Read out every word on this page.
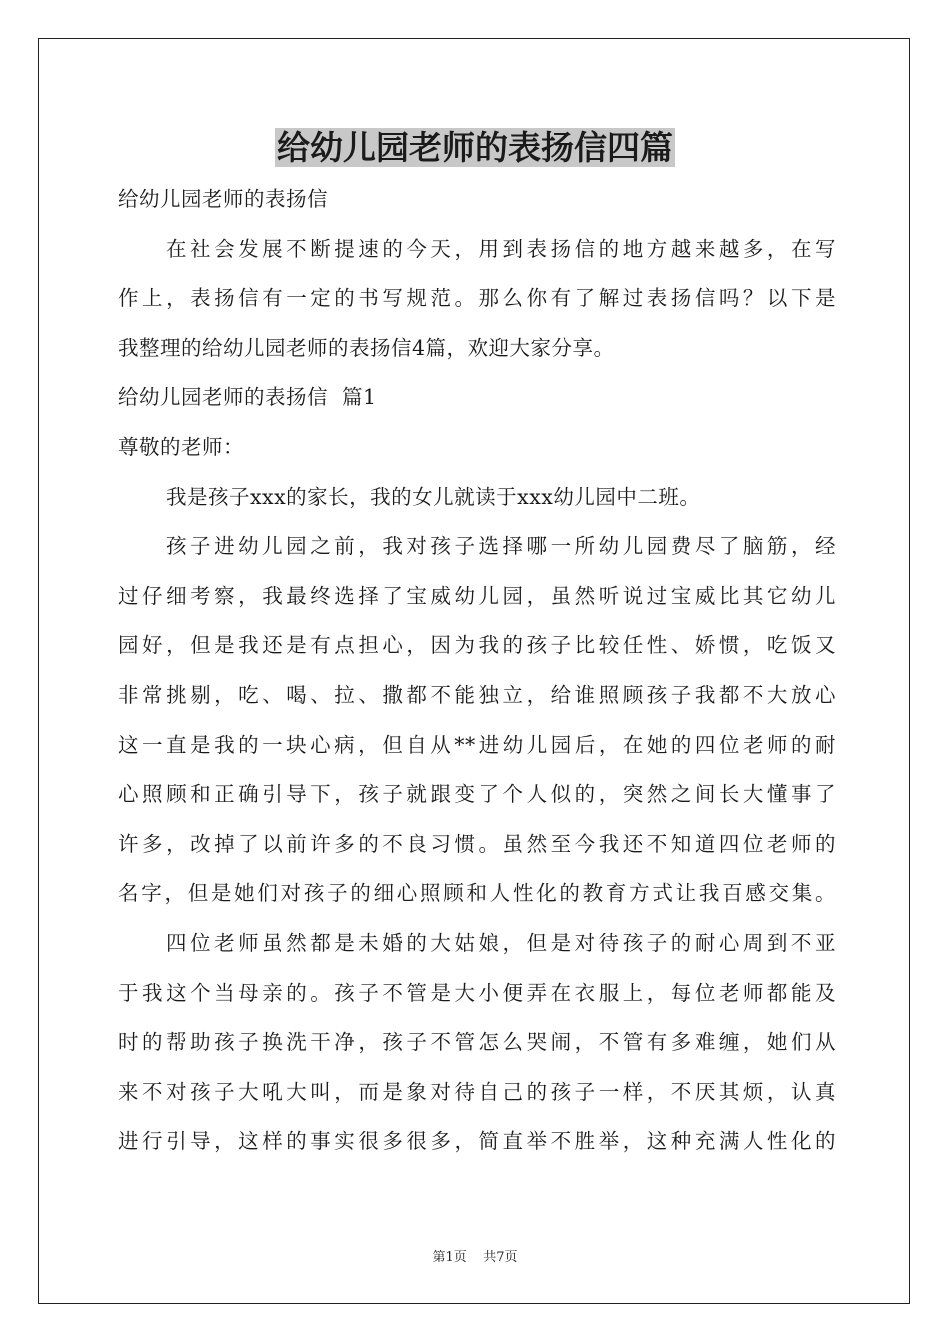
给幼儿园老师的表扬信四篇
给幼儿园老师的表扬信
在社会发展不断提速的今天，用到表扬信的地方越来越多，在写
作上，表扬信有一定的书写规范。那么你有了解过表扬信吗？以下是
我整理的给幼儿园老师的表扬信4篇，欢迎大家分享。
给幼儿园老师的表扬信  篇1
尊敬的老师：
我是孩子xxx的家长，我的女儿就读于xxx幼儿园中二班。
孩子进幼儿园之前，我对孩子选择哪一所幼儿园费尽了脑筋，经
过仔细考察，我最终选择了宝威幼儿园，虽然听说过宝威比其它幼儿
园好，但是我还是有点担心，因为我的孩子比较任性、娇惯，吃饭又
非常挑剔，吃、喝、拉、撒都不能独立，给谁照顾孩子我都不大放心
这一直是我的一块心病，但自从**进幼儿园后，在她的四位老师的耐
心照顾和正确引导下，孩子就跟变了个人似的，突然之间长大懂事了
许多，改掉了以前许多的不良习惯。虽然至今我还不知道四位老师的
名字，但是她们对孩子的细心照顾和人性化的教育方式让我百感交集。
四位老师虽然都是未婚的大姑娘，但是对待孩子的耐心周到不亚
于我这个当母亲的。孩子不管是大小便弄在衣服上，每位老师都能及
时的帮助孩子换洗干净，孩子不管怎么哭闹，不管有多难缠，她们从
来不对孩子大吼大叫，而是象对待自己的孩子一样，不厌其烦，认真
进行引导，这样的事实很多很多，简直举不胜举，这种充满人性化的
第1页    共7页
